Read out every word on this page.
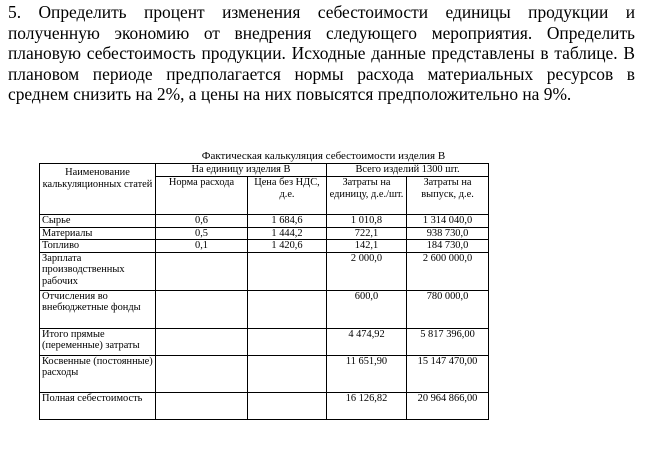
5. Определить процент изменения себестоимости единицы продукции и полученную экономию от внедрения следующего мероприятия. Определить плановую себестоимость продукции. Исходные данные представлены в таблице. В плановом периоде предполагается нормы расхода материальных ресурсов в среднем снизить на 2%, а цены на них повысятся предположительно на 9%.

Фактическая калькуляция себестоимости изделия В
Наименование калькуляционных статей	На единицу изделия В		Всего изделий 1300 шт.	
	Норма расхода	Цена без НДС, д.е.	Затраты на единицу, д.е./шт.	Затраты на выпуск, д.е.
Сырье	0,6	1 684,6	1 010,8	1 314 040,0
Материалы	0,5	1 444,2	722,1	938 730,0
Топливо	0,1	1 420,6	142,1	184 730,0
Зарплата производственных рабочих			2 000,0	2 600 000,0
Отчисления во внебюджетные фонды			600,0	780 000,0
Итого прямые (переменные) затраты			4 474,92	5 817 396,00
Косвенные (постоянные) расходы			11 651,90	15 147 470,00
Полная себестоимость			16 126,82	20 964 866,00
